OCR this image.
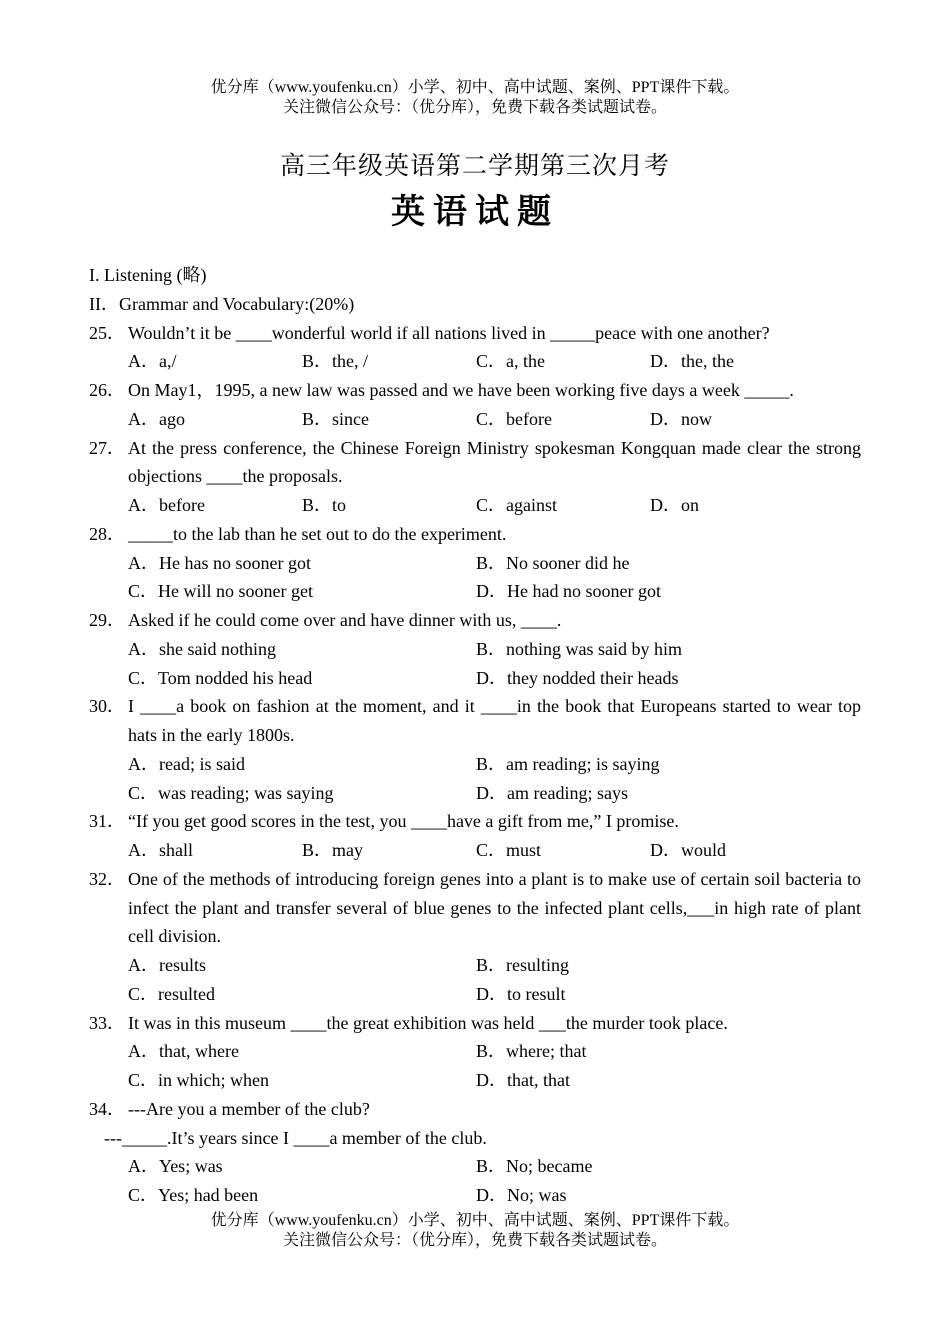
优分库（www.youfenku.cn）小学、初中、高中试题、案例、PPT课件下载。
关注微信公众号：（优分库），免费下载各类试题试卷。
高三年级英语第二学期第三次月考
英语试题
I. Listening (略)
II．Grammar and Vocabulary:(20%)
25． Wouldn’t it be ____wonderful world if all nations lived in _____peace with one another?
A．a,/	B．the, /	C．a, the	D．the, the
26． On May1，1995, a new law was passed and we have been working five days a week _____.
A．ago	B．since	C．before	D．now
27． At the press conference, the Chinese Foreign Ministry spokesman Kongquan made clear the strong objections ____the proposals.
A．before	B．to	C．against	D．on
28． _____to the lab than he set out to do the experiment.
A．He has no sooner got	B．No sooner did he
C．He will no sooner get	D．He had no sooner got
29． Asked if he could come over and have dinner with us, ____.
A．she said nothing	B．nothing was said by him
C．Tom nodded his head	D．they nodded their heads
30． I ____a book on fashion at the moment, and it ____in the book that Europeans started to wear top hats in the early 1800s.
A．read; is said	B．am reading; is saying
C．was reading; was saying	D．am reading; says
31． “If you get good scores in the test, you ____have a gift from me,” I promise.
A．shall	B．may	C．must	D．would
32． One of the methods of introducing foreign genes into a plant is to make use of certain soil bacteria to infect the plant and transfer several of blue genes to the infected plant cells,___in high rate of plant cell division.
A．results	B．resulting
C．resulted	D．to result
33． It was in this museum ____the great exhibition was held ___the murder took place.
A．that, where	B．where; that
C．in which; when	D．that, that
34． ---Are you a member of the club?
---_____.It’s years since I ____a member of the club.
A．Yes; was	B．No; became
C．Yes; had been	D．No; was
优分库（www.youfenku.cn）小学、初中、高中试题、案例、PPT课件下载。
关注微信公众号：（优分库），免费下载各类试题试卷。
